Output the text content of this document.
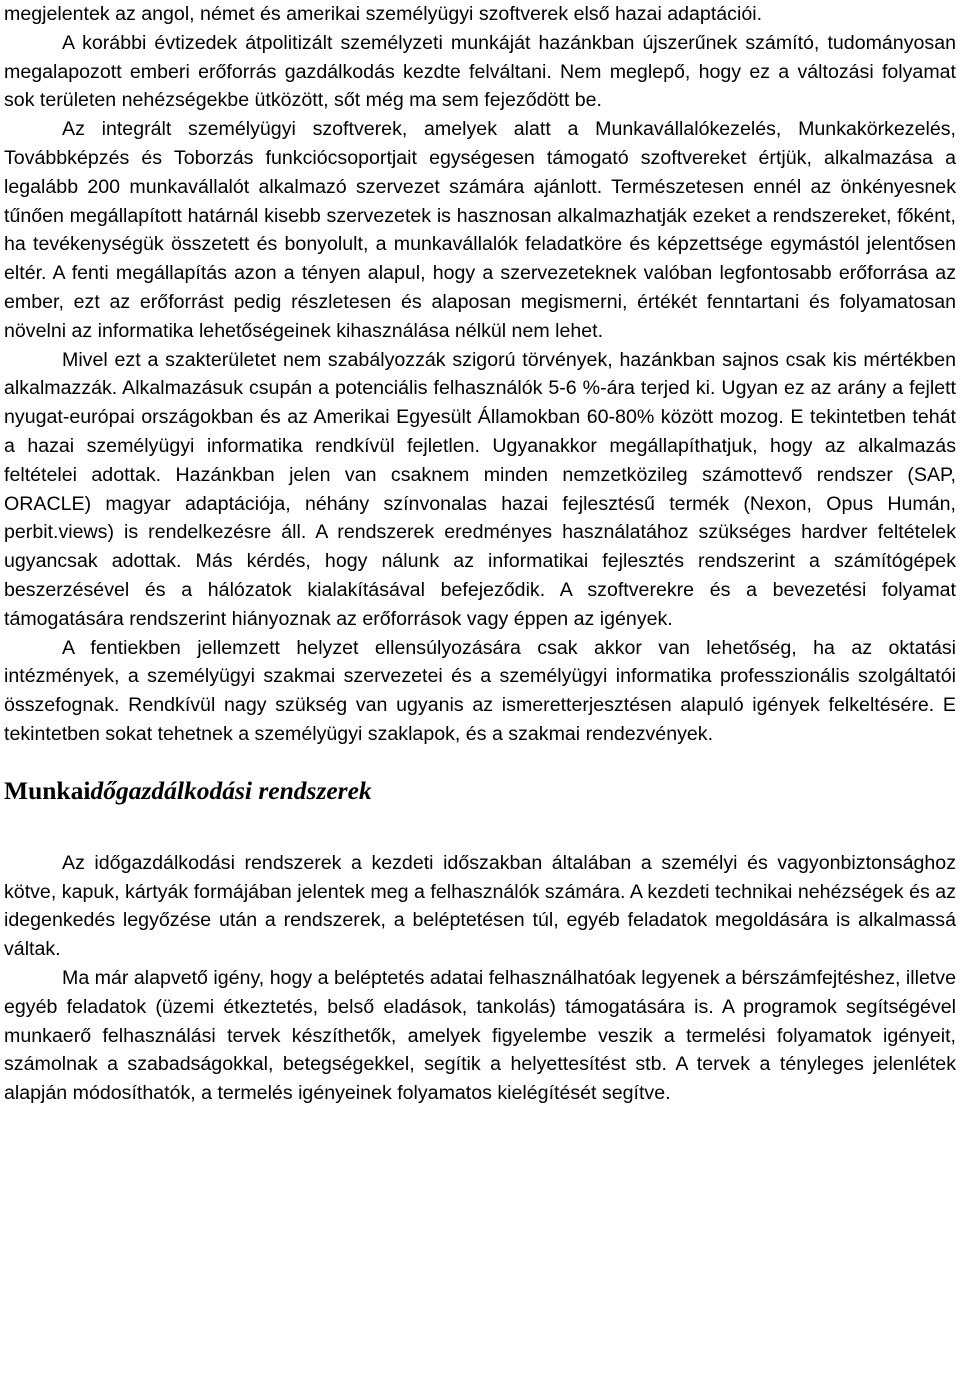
megjelentek az angol, német és amerikai személyügyi szoftverek első hazai adaptációi.

A korábbi évtizedek átpolitizált személyzeti munkáját hazánkban újszerűnek számító, tudományosan megalapozott emberi erőforrás gazdálkodás kezdte felváltani. Nem meglepő, hogy ez a változási folyamat sok területen nehézségekbe ütközött, sőt még ma sem fejeződött be.

Az integrált személyügyi szoftverek, amelyek alatt a Munkavállalókezelés, Munkakörkezelés, Továbbképzés és Toborzás funkciócsoportjait egységesen támogató szoftvereket értjük, alkalmazása a legalább 200 munkavállalót alkalmazó szervezet számára ajánlott. Természetesen ennél az önkényesnek tűnően megállapított határnál kisebb szervezetek is hasznosan alkalmazhatják ezeket a rendszereket, főként, ha tevékenységük összetett és bonyolult, a munkavállalók feladatköre és képzettsége egymástól jelentősen eltér. A fenti megállapítás azon a tényen alapul, hogy a szervezeteknek valóban legfontosabb erőforrása az ember, ezt az erőforrást pedig részletesen és alaposan megismerni, értékét fenntartani és folyamatosan növelni az informatika lehetőségeinek kihasználása nélkül nem lehet.

Mivel ezt a szakterületet nem szabályozzák szigorú törvények, hazánkban sajnos csak kis mértékben alkalmazzák. Alkalmazásuk csupán a potenciális felhasználók 5-6 %-ára terjed ki. Ugyan ez az arány a fejlett nyugat-európai országokban és az Amerikai Egyesült Államokban 60-80% között mozog. E tekintetben tehát a hazai személyügyi informatika rendkívül fejletlen. Ugyanakkor megállapíthatjuk, hogy az alkalmazás feltételei adottak. Hazánkban jelen van csaknem minden nemzetközileg számottevő rendszer (SAP, ORACLE) magyar adaptációja, néhány színvonalas hazai fejlesztésű termék (Nexon, Opus Humán, perbit.views) is rendelkezésre áll. A rendszerek eredményes használatához szükséges hardver feltételek ugyancsak adottak. Más kérdés, hogy nálunk az informatikai fejlesztés rendszerint a számítógépek beszerzésével és a hálózatok kialakításával befejeződik. A szoftverekre és a bevezetési folyamat támogatására rendszerint hiányoznak az erőforrások vagy éppen az igények.

A fentiekben jellemzett helyzet ellensúlyozására csak akkor van lehetőség, ha az oktatási intézmények, a személyügyi szakmai szervezetei és a személyügyi informatika professzionális szolgáltatói összefognak. Rendkívül nagy szükség van ugyanis az ismeretterjesztésen alapuló igények felkeltésére. E tekintetben sokat tehetnek a személyügyi szaklapok, és a szakmai rendezvények.

Munkaidőgazdálkodási rendszerek

Az időgazdálkodási rendszerek a kezdeti időszakban általában a személyi és vagyonbiztonsághoz kötve, kapuk, kártyák formájában jelentek meg a felhasználók számára. A kezdeti technikai nehézségek és az idegenkedés legyőzése után a rendszerek, a beléptetésen túl, egyéb feladatok megoldására is alkalmassá váltak.

Ma már alapvető igény, hogy a beléptetés adatai felhasználhatóak legyenek a bérszámfejtéshez, illetve egyéb feladatok (üzemi étkeztetés, belső eladások, tankolás) támogatására is. A programok segítségével munkaerő felhasználási tervek készíthetők, amelyek figyelembe veszik a termelési folyamatok igényeit, számolnak a szabadságokkal, betegségekkel, segítik a helyettesítést stb. A tervek a tényleges jelenlétek alapján módosíthatók, a termelés igényeinek folyamatos kielégítését segítve.
